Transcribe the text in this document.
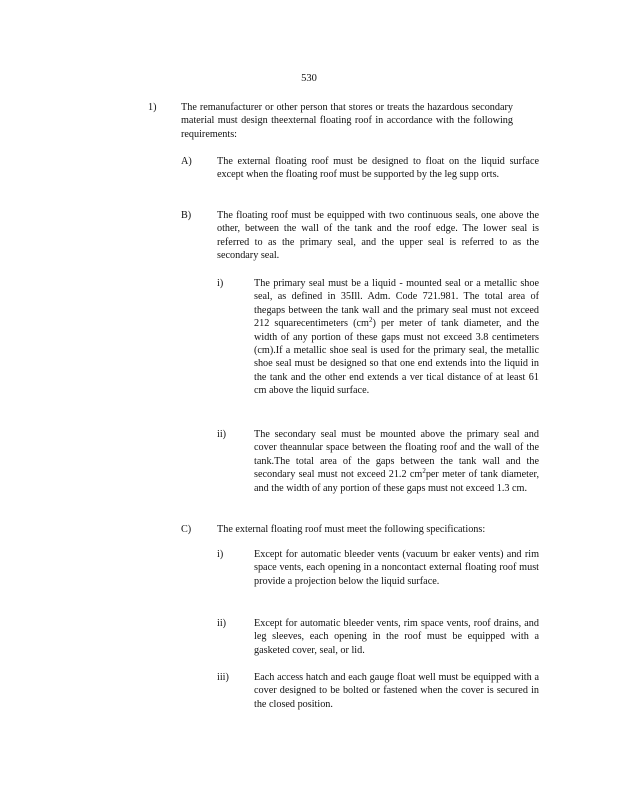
530
1) The remanufacturer or other person that stores or treats the hazardous secondary material must design theexternal floating roof in accordance with the following requirements:
A) The external floating roof must be designed to float on the liquid surface except when the floating roof must be supported by the leg supp orts.
B)	The floating roof must be equipped with two continuous seals, one above the other, between the wall of the tank and the roof edge. The lower seal is referred to as the primary seal, and the upper seal is referred to as the secondary seal.
i)	The primary seal must be a liquid - mounted seal or a metallic shoe seal, as defined in 35Ill. Adm. Code 721.981. The total area of thegaps between the tank wall and the primary seal must not exceed 212 squarecentimeters $(cm^2)$ per meter of tank diameter, and the width of any portion of these gaps must not exceed 3.8 centimeters (cm).If a metallic shoe seal is used for the primary seal, the metallic shoe seal must be designed so that one end extends into the liquid in the tank and the other end extends a ver tical distance of at least 61 cm above the liquid surface.
ii)	The secondary seal must be mounted above the primary seal and cover theannular space between the floating roof and the wall of the tank.The total area of the gaps between the tank wall and the secondary seal must not exceed 21.2 $cm^2per$ meter of tank diameter, and the width of any portion of these gaps must not exceed 1.3 cm.
C)	The external floating roof must meet the following specifications:
i)	Except for automatic bleeder vents (vacuum br eaker vents) and rim space vents, each opening in a noncontact external floating roof must provide a projection below the liquid surface.
ii)	Except for automatic bleeder vents, rim space vents, roof drains, and leg sleeves, each opening in the roof must be equipped with a gasketed cover, seal, or lid.
iii) Each access hatch and each gauge float well must be equipped with a cover designed to be bolted or fastened when the cover is secured in the closed position.
